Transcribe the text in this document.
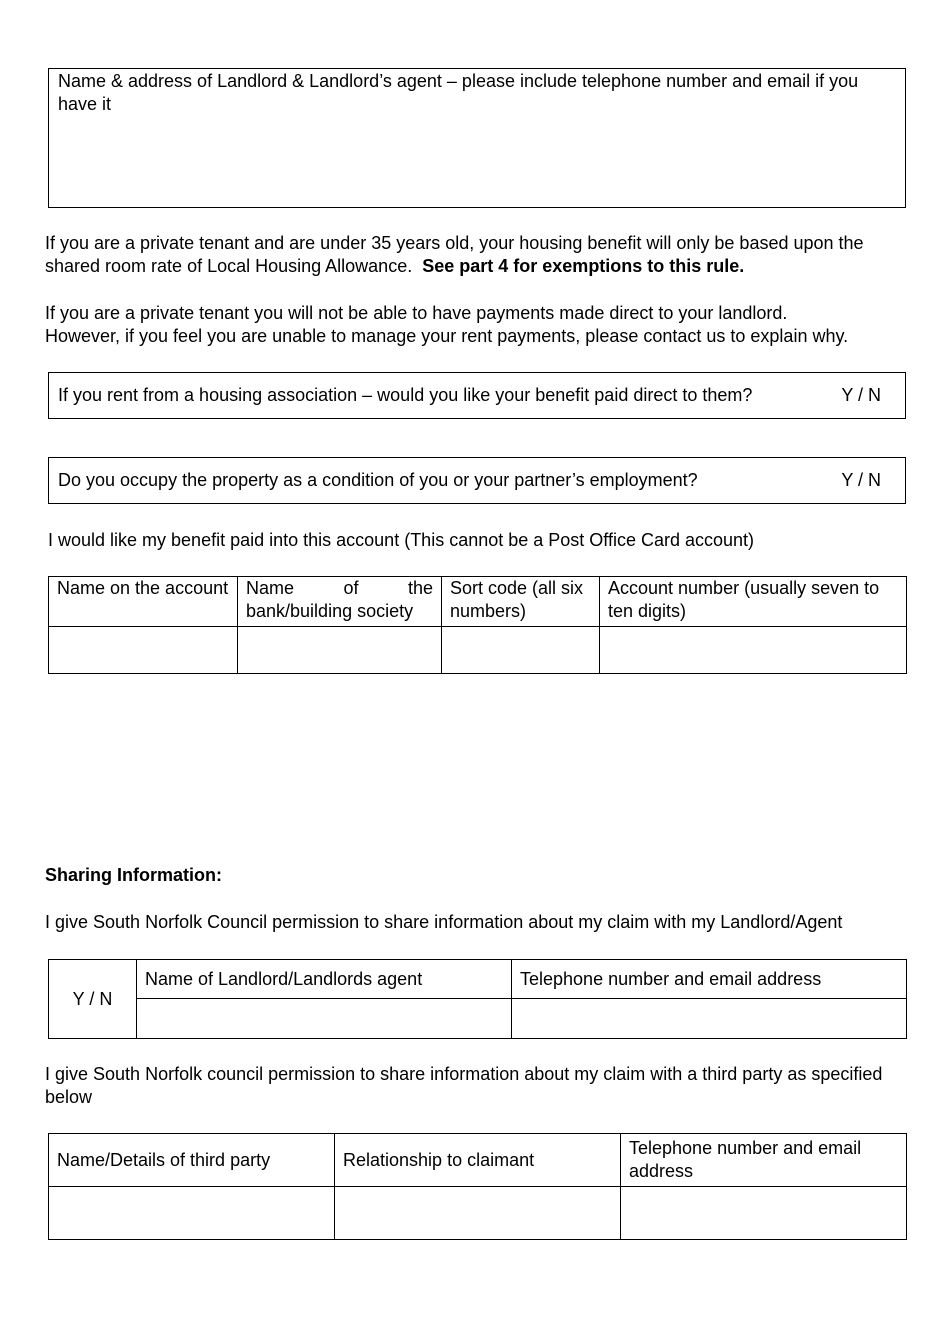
Name & address of Landlord & Landlord’s agent – please include telephone number and email if you have it
If you are a private tenant and are under 35 years old, your housing benefit will only be based upon the shared room rate of Local Housing Allowance. See part 4 for exemptions to this rule.
If you are a private tenant you will not be able to have payments made direct to your landlord.
However, if you feel you are unable to manage your rent payments, please contact us to explain why.
If you rent from a housing association – would you like your benefit paid direct to them?	Y / N
Do you occupy the property as a condition of you or your partner’s employment?	Y / N
I would like my benefit paid into this account (This cannot be a Post Office Card account)
Name on the account	Name of the bank/building society	Sort code (all six numbers)	Account number (usually seven to ten digits)

Sharing Information:
I give South Norfolk Council permission to share information about my claim with my Landlord/Agent
Y / N	Name of Landlord/Landlords agent	Telephone number and email address

I give South Norfolk council permission to share information about my claim with a third party as specified below
Name/Details of third party	Relationship to claimant	Telephone number and email address
